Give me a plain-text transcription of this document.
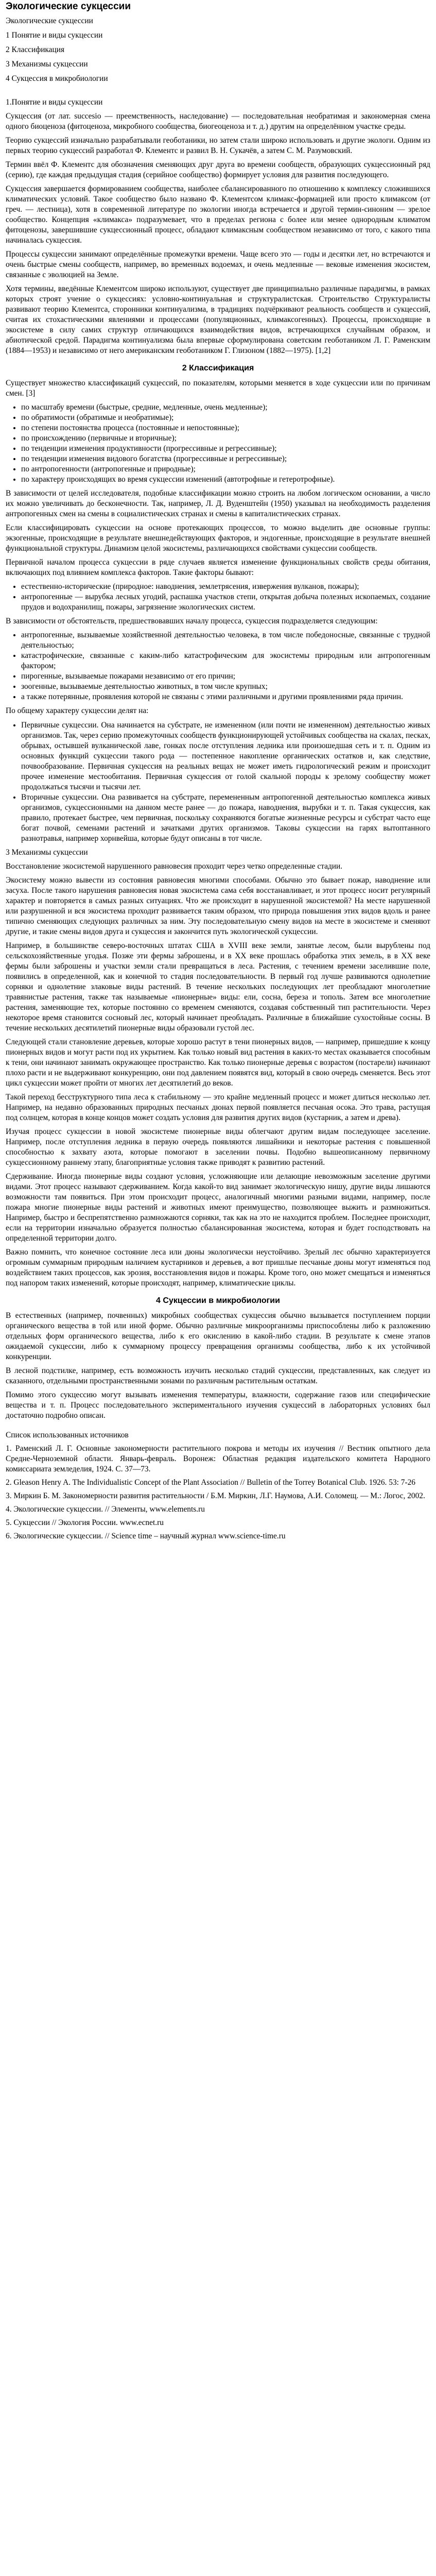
Экологические сукцессии

Экологические сукцессии

1 Понятие и виды сукцессии

2 Классификация

3 Механизмы сукцессии

4 Сукцессия в микробиологии

1.Понятие и виды сукцессии

Сукцессия (от лат. succesio — преемственность, наследование) — последовательная необратимая и закономерная смена одного биоценоза (фитоценоза, микробного сообщества, биогеоценоза и т. д.) другим на определённом участке среды.

Теорию сукцессий изначально разрабатывали геоботаники, но затем стали широко использовать и другие экологи. Одним из первых теорию сукцессий разработал Ф. Клементс и развил В. Н. Сукачёв, а затем С. М. Разумовский.

Термин ввёл Ф. Клементс для обозначения сменяющих друг друга во времени сообществ, образующих сукцессионный ряд (серию), где каждая предыдущая стадия (серийное сообщество) формирует условия для развития последующего.

Сукцессия завершается формированием сообщества, наиболее сбалансированного по отношению к комплексу сложившихся климатических условий. Такое сообщество было названо Ф. Клементсом климакс-формацией или просто климаксом (от греч. — лестница), хотя в современной литературе по экологии иногда встречается и другой термин-синоним — зрелое сообщество. Концепция «климакса» подразумевает, что в пределах региона с более или менее однородным климатом фитоценозы, завершившие сукцессионный процесс, обладают климаксным сообществом независимо от того, с какого типа начиналась сукцессия.

Процессы сукцессии занимают определённые промежутки времени. Чаще всего это — годы и десятки лет, но встречаются и очень быстрые смены сообществ, например, во временных водоемах, и очень медленные — вековые изменения экосистем, связанные с эволюцией на Земле.

Хотя термины, введённые Клементсом широко используют, существует две принципиально различные парадигмы, в рамках которых строят учение о сукцессиях: условно-континуальная и структуралистская. Строительство Структуралисты развивают теорию Клементса, сторонники континуализма, в традициях подчёркивают реальность сообществ и сукцессий, считая их стохастическими явлениями и процессами (популяционных, климаксогенных). Процессы, происходящие в экосистеме в силу самих структур отличающихся взаимодействия видов, встречающихся случайным образом, и абиотической средой. Парадигма континуализма была впервые сформулирована советским геоботаником Л. Г. Раменским (1884—1953) и независимо от него американским геоботаником Г. Глизоном (1882—1975). [1,2]

2 Классификация

Существует множество классификаций сукцессий, по показателям, которыми меняется в ходе сукцессии или по причинам смен. [3]

• по масштабу времени (быстрые, средние, медленные, очень медленные);
• по обратимости (обратимые и необратимые);
• по степени постоянства процесса (постоянные и непостоянные);
• по происхождению (первичные и вторичные);
• по тенденции изменения продуктивности (прогрессивные и регрессивные);
• по тенденции изменения видового богатства (прогрессивные и регрессивные);
• по антропогенности (антропогенные и природные);
• по характеру происходящих во время сукцессии изменений (автотрофные и гетеротрофные).

В зависимости от целей исследователя, подобные классификации можно строить на любом логическом основании, а число их можно увеличивать до бесконечности. Так, например, Л. Д. Вуденштейн (1950) указывал на необходимость разделения антропогенных смен на смены в социалистических странах и смены в капиталистических странах.

Если классифицировать сукцессии на основе протекающих процессов, то можно выделить две основные группы: экзогенные, происходящие в результате внешнедействующих факторов, и эндогенные, происходящие в результате внешней функциональной структуры. Динамизм целой экосистемы, различающихся свойствами сукцессии сообществ.

Первичной началом процесса сукцессии в ряде случаев является изменение функциональных свойств среды обитания, включающих под влиянием комплекса факторов. Такие факторы бывают:

• естественно-исторические (природное: наводнения, землетрясения, извержения вулканов, пожары);
• антропогенные — вырубка лесных угодий, распашка участков степи, открытая добыча полезных ископаемых, создание прудов и водохранилищ, пожары, загрязнение экологических систем.

В зависимости от обстоятельств, предшествовавших началу процесса, сукцессия подразделяется следующим:

• антропогенные, вызываемые хозяйственной деятельностью человека, в том числе победоносные, связанные с трудной деятельностью;
• катастрофические, связанные с каким-либо катастрофическим для экосистемы природным или антропогенным фактором;
• пирогенные, вызываемые пожарами независимо от его причин;
• зоогенные, вызываемые деятельностью животных, в том числе крупных;
• а также потерянные, проявления которой не связаны с этими различными и другими проявлениями ряда причин.

По общему характеру сукцессии делят на:

• Первичные сукцессии. Она начинается на субстрате, не измененном (или почти не измененном) деятельностью живых организмов. Так, через серию промежуточных сообществ функционирующей устойчивых сообщества на скалах, песках, обрывах, остывшей вулканической лаве, гонках после отступления ледника или произошедшая сеть и т. п. Одним из основных функций сукцессии такого рода — постепенное накопление органических остатков и, как следствие, почвообразование. Первичная сукцессия на реальных вещах не может иметь гидрологический режим и происходит прочее изменение местообитания. Первичная сукцессия от голой скальной породы к зрелому сообществу может продолжаться тысячи и тысячи лет.
• Вторичные сукцессии. Она развивается на субстрате, перемененным антропогенной деятельностью комплекса живых организмов, сукцессионными на данном месте ранее — до пожара, наводнения, вырубки и т. п. Такая сукцессия, как правило, протекает быстрее, чем первичная, поскольку сохраняются богатые жизненные ресурсы и субстрат часто еще богат почвой, семенами растений и зачатками других организмов. Таковы сукцессии на гарях вытоптанного разнотравья, например хорнвейша, которые будут описаны в тот числе.

3 Механизмы сукцессии

Восстановление экосистемой нарушенного равновесия проходит через четко определенные стадии.

Экосистему можно вывести из состояния равновесия многими способами. Обычно это бывает пожар, наводнение или засуха. После такого нарушения равновесия новая экосистема сама себя восстанавливает, и этот процесс носит регулярный характер и повторяется в самых разных ситуациях. Что же происходит в нарушенной экосистемой? На месте нарушенной или разрушенной и вся экосистема проходит развивается таким образом, что природа повышения этих видов вдоль и ранее типично сменяющих следующих различных за ним. Эту последовательную смену видов на месте в экосистеме и сменяют другие, и такие смены видов друга и сукцессия и закончится путь экологической сукцессии.

Например, в большинстве северо-восточных штатах США в XVIII веке земли, занятые лесом, были вырублены под сельскохозяйственные угодья. Позже эти фермы заброшены, и в XX веке прошлась обработка этих земель, в в XX веке фермы были заброшены и участки земли стали превращаться в леса. Растения, с течением времени заселившие поле, появились в определенной, как и конечной то стадия последовательности. В первый год лучше развиваются однолетние сорняки и однолетние злаковые виды растений. В течение нескольких последующих лет преобладают многолетние травянистые растения, также так называемые «пионерные» виды: ели, сосна, береза и тополь. Затем все многолетние растения, заменяющие тех, которые постоянно со временем сменяются, создавая собственный тип растительности. Через некоторое время становится сосновый лес, который начинает преобладать. Различные в ближайшие сухостойные сосны. В течение нескольких десятилетий пионерные виды образовали густой лес.

Следующей стали становление деревьев, которые хорошо растут в тени пионерных видов, — например, пришедшие к концу пионерных видов и могут расти под их укрытием. Как только новый вид растения в каких-то местах оказывается способным к тени, они начинают занимать окружающее пространство. Как только пионерные деревья с возрастом (постарели) начинают плохо расти и не выдерживают конкуренцию, они под давлением появятся вид, который в свою очередь сменяется. Весь этот цикл сукцессии может пройти от многих лет десятилетий до веков.

Такой переход бесструктурного типа леса к стабильному — это крайне медленный процесс и может длиться несколько лет. Например, на недавно образованных природных песчаных дюнах первой появляется песчаная осока. Это трава, растущая под солнцем, которая в конце концов может создать условия для развития других видов (кустарник, а затем и древа).

Изучая процесс сукцессии в новой экосистеме пионерные виды облегчают другим видам последующее заселение. Например, после отступления ледника в первую очередь появляются лишайники и некоторые растения с повышенной способностью к захвату азота, которые помогают в заселении почвы. Подобно вышеописанному первичному сукцессионному раннему этапу, благоприятные условия также приводят к развитию растений.

Сдерживание. Иногда пионерные виды создают условия, усложняющие или делающие невозможным заселение другими видами. Этот процесс называют сдерживанием. Когда какой-то вид занимает экологическую нишу, другие виды лишаются возможности там появиться. При этом происходит процесс, аналогичный многими разными видами, например, после пожара многие пионерные виды растений и животных имеют преимущество, позволяющее выжить и размножиться. Например, быстро и беспрепятственно размножаются сорняки, так как на это не находится проблем. Последнее происходит, если на территории изначально образуется полностью сбалансированная экосистема, которая и будет господствовать на определенной территории долго.

Важно помнить, что конечное состояние леса или дюны экологически неустойчиво. Зрелый лес обычно характеризуется огромным суммарным природным наличием кустарников и деревьев, а вот пришлые песчаные дюны могут изменяться под воздействием таких процессов, как эрозия, восстановления видов и пожары. Кроме того, оно может смещаться и изменяться под напором таких изменений, которые происходят, например, климатические циклы.

4 Сукцессии в микробиологии

В естественных (например, почвенных) микробных сообществах сукцессия обычно вызывается поступлением порции органического вещества в той или иной форме. Обычно различные микроорганизмы приспособлены либо к разложению отдельных форм органического вещества, либо к его окислению в какой-либо стадии. В результате к смене этапов ожидаемой сукцессии, либо к суммарному процессу превращения организмы сообщества, либо к их устойчивой конкуренции.

В лесной подстилке, например, есть возможность изучить несколько стадий сукцессии, представленных, как следует из сказанного, отдельными пространственными зонами по различным растительным остаткам.

Помимо этого сукцессию могут вызывать изменения температуры, влажности, содержание газов или специфические вещества и т. п. Процесс последовательного экспериментального изучения сукцессий в лабораторных условиях был достаточно подробно описан.

Список использованных источников
1. Раменский Л. Г. Основные закономерности растительного покрова и методы их изучения // Вестник опытного дела Средне-Черноземной области. Январь-февраль. Воронеж: Областная редакция издательского комитета Народного комиссариата земледелия, 1924. С. 37—73.
2. Gleason Henry A. The Individualistic Concept of the Plant Association // Bulletin of the Torrey Botanical Club. 1926. 53: 7-26
3. Миркин Б. М. Закономерности развития растительности / Б.М. Миркин, Л.Г. Наумова, А.И. Соломещ. — М.: Логос, 2002.
4. Экологические сукцессии. // Элементы, www.elements.ru
5. Сукцессии // Экология России. www.ecnet.ru
6. Экологические сукцессии. // Science time – научный журнал www.science-time.ru
